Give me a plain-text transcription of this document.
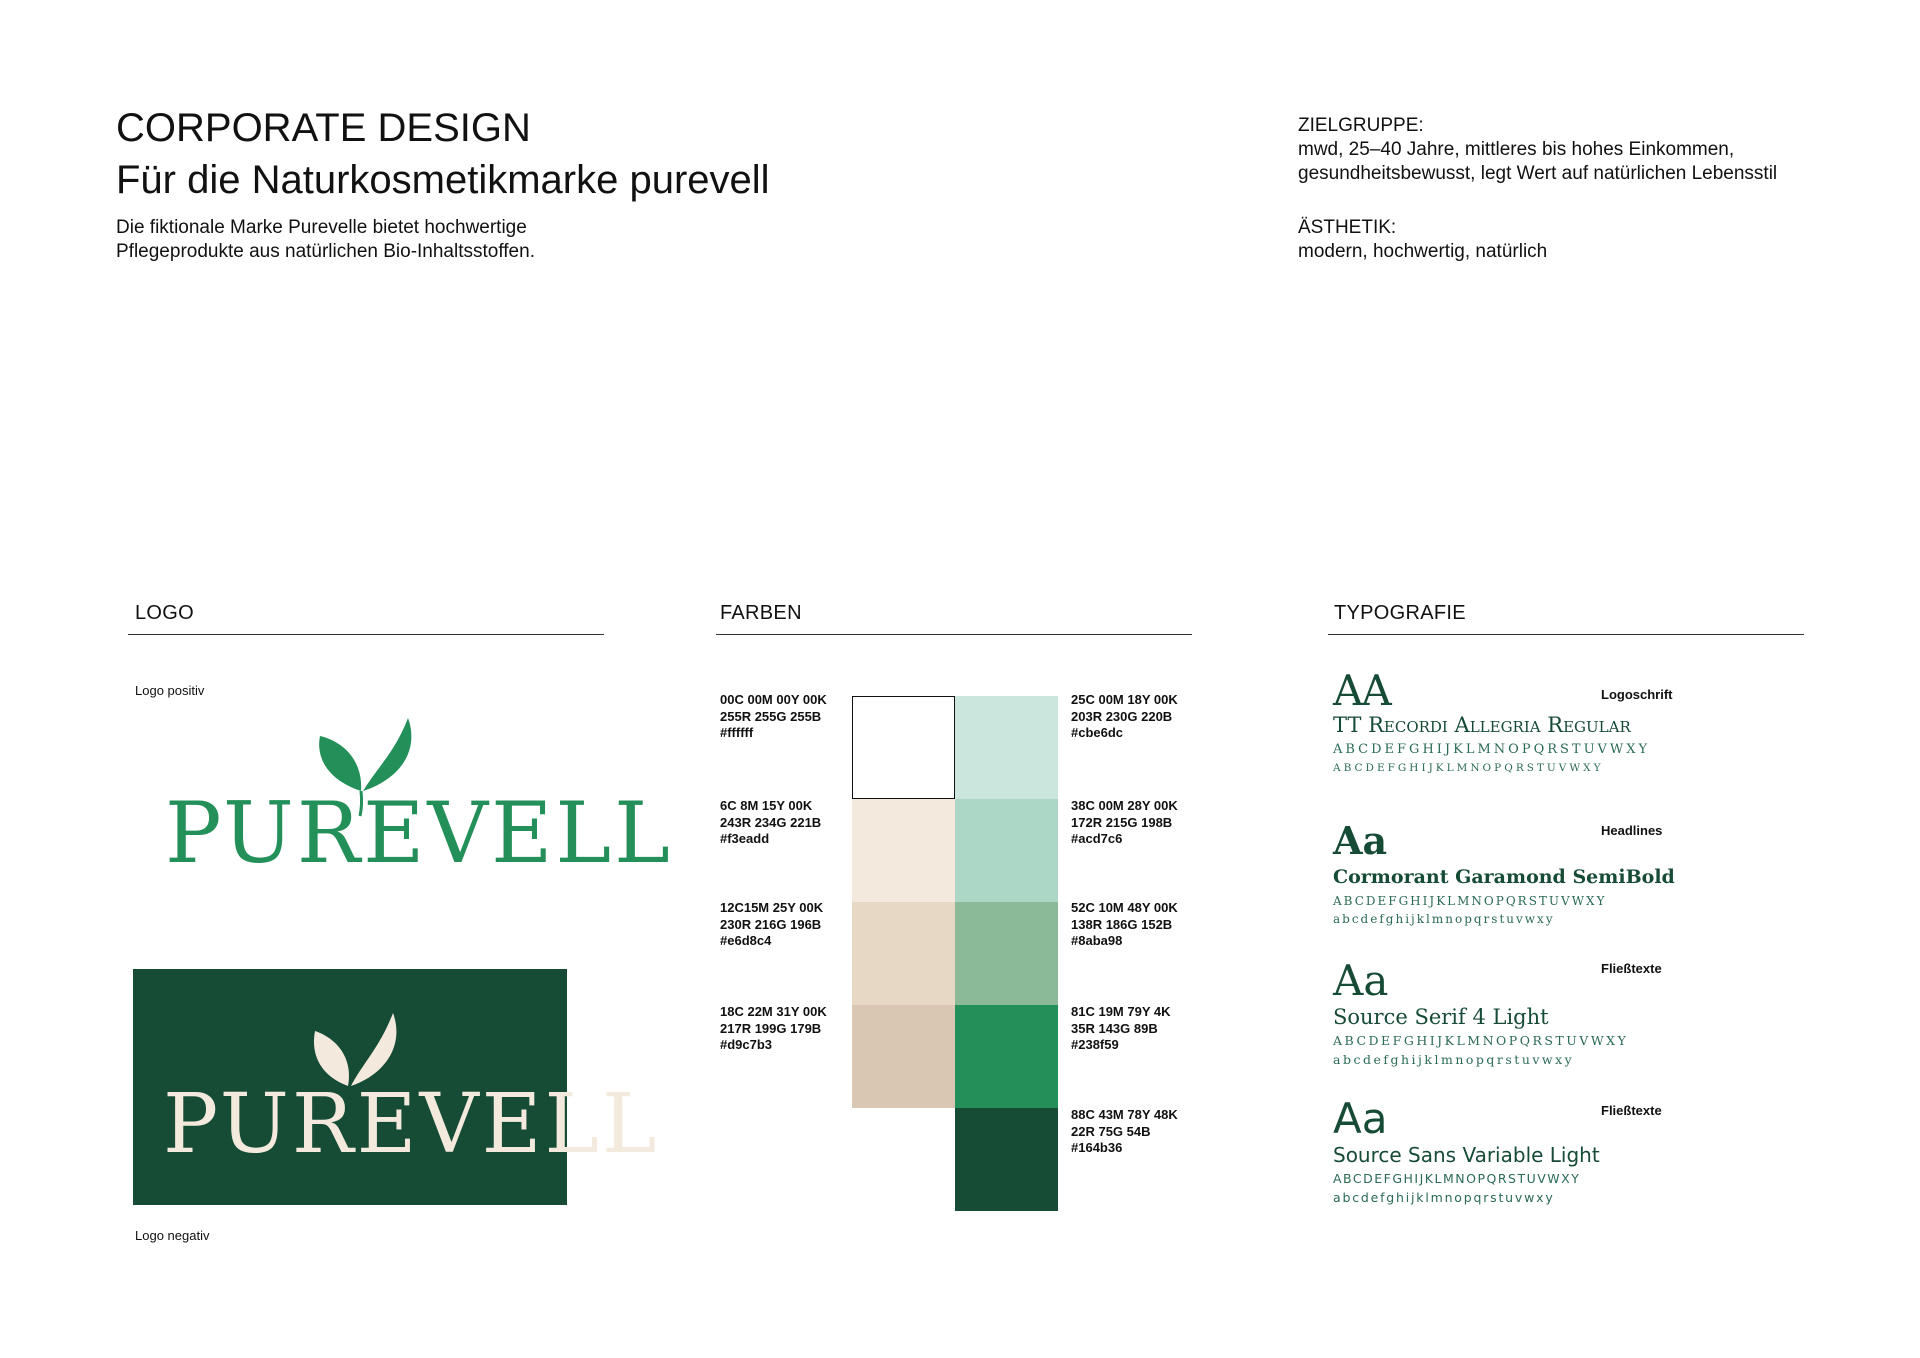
CORPORATE DESIGN
Für die Naturkosmetikmarke purevell
Die fiktionale Marke Purevelle bietet hochwertige
Pflegeprodukte aus natürlichen Bio-Inhaltsstoffen.
ZIELGRUPPE:
mwd, 25–40 Jahre, mittleres bis hohes Einkommen,
gesundheitsbewusst, legt Wert auf natürlichen Lebensstil
ÄSTHETIK:
modern, hochwertig, natürlich
LOGO	FARBEN	TYPOGRAFIE
Logo positiv
PUREVELL
PUREVELL
Logo negativ
00C 00M 00Y 00K
255R 255G 255B
#ffffff
6C 8M 15Y 00K
243R 234G 221B
#f3eadd
12C15M 25Y 00K
230R 216G 196B
#e6d8c4
18C 22M 31Y 00K
217R 199G 179B
#d9c7b3
25C 00M 18Y 00K
203R 230G 220B
#cbe6dc
38C 00M 28Y 00K
172R 215G 198B
#acd7c6
52C 10M 48Y 00K
138R 186G 152B
#8aba98
81C 19M 79Y 4K
35R 143G 89B
#238f59
88C 43M 78Y 48K
22R 75G 54B
#164b36
AA	Logoschrift
TT Recordi Allegria Regular
ABCDEFGHIJKLMNOPQRSTUVWXY
ABCDEFGHIJKLMNOPQRSTUVWXY
Aa	Headlines
Cormorant Garamond SemiBold
ABCDEFGHIJKLMNOPQRSTUVWXY
abcdefghijklmnopqrstuvwxy
Aa	Fließtexte
Source Serif 4 Light
ABCDEFGHIJKLMNOPQRSTUVWXY
abcdefghijklmnopqrstuvwxy
Aa	Fließtexte
Source Sans Variable Light
ABCDEFGHIJKLMNOPQRSTUVWXY
abcdefghijklmnopqrstuvwxy
